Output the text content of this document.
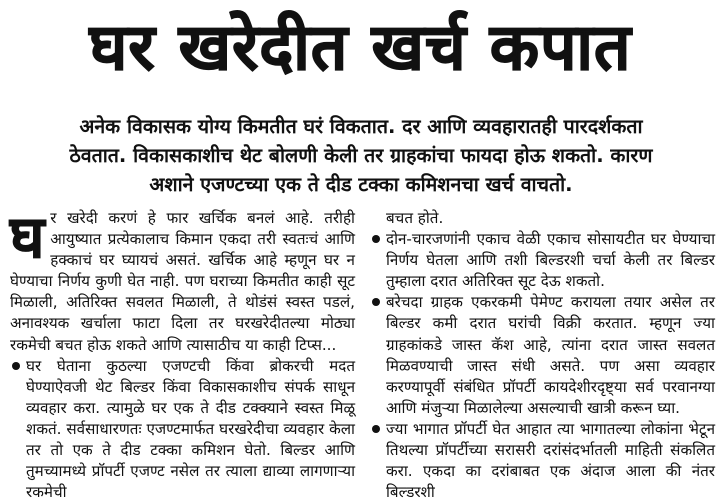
घर खरेदीत खर्च कपात
अनेक विकासक योग्य किमतीत घरं विकतात. दर आणि व्यवहारातही पारदर्शकता
ठेवतात. विकासकाशीच थेट बोलणी केली तर ग्राहकांचा फायदा होऊ शकतो. कारण
अशाने एजण्टच्या एक ते दीड टक्का कमिशनचा खर्च वाचतो.

घर खरेदी करणं हे फार खर्चिक बनलं आहे. तरीही आयुष्यात प्रत्येकालाच किमान एकदा तरी स्वतःचं आणि हक्काचं घर घ्यायचं असतं. खर्चिक आहे म्हणून घर न घेण्याचा निर्णय कुणी घेत नाही. पण घराच्या किमतीत काही सूट मिळाली, अतिरिक्त सवलत मिळाली, ते थोडंसं स्वस्त पडलं, अनावश्यक खर्चाला फाटा दिला तर घरखरेदीतल्या मोठ्या रकमेची बचत होऊ शकते आणि त्यासाठीच या काही टिप्स...

घर घेताना कुठल्या एजण्टची किंवा ब्रोकरची मदत घेण्याऐवजी थेट बिल्डर किंवा विकासकाशीच संपर्क साधून व्यवहार करा. त्यामुळे घर एक ते दीड टक्क्याने स्वस्त मिळू शकतं. सर्वसाधारणतः एजण्टमार्फत घरखरेदीचा व्यवहार केला तर तो एक ते दीड टक्का कमिशन घेतो. बिल्डर आणि तुमच्यामध्ये प्रॉपर्टी एजण्ट नसेल तर त्याला द्याव्या लागणाऱ्या रकमेची

बचत होते.

दोन-चारजणांनी एकाच वेळी एकाच सोसायटीत घर घेण्याचा निर्णय घेतला आणि तशी बिल्डरशी चर्चा केली तर बिल्डर तुम्हाला दरात अतिरिक्त सूट देऊ शकतो.

बरेचदा ग्राहक एकरकमी पेमेण्ट करायला तयार असेल तर बिल्डर कमी दरात घरांची विक्री करतात. म्हणून ज्या ग्राहकांकडे जास्त कॅश आहे, त्यांना दरात जास्त सवलत मिळवण्याची जास्त संधी असते. पण असा व्यवहार करण्यापूर्वी संबंधित प्रॉपर्टी कायदेशीरदृष्ट्या सर्व परवानग्या आणि मंजुऱ्या मिळालेल्या असल्याची खात्री करून घ्या.

ज्या भागात प्रॉपर्टी घेत आहात त्या भागातल्या लोकांना भेटून तिथल्या प्रॉपर्टीच्या सरासरी दरांसंदर्भातली माहिती संकलित करा. एकदा का दरांबाबत एक अंदाज आला की नंतर बिल्डरशी
